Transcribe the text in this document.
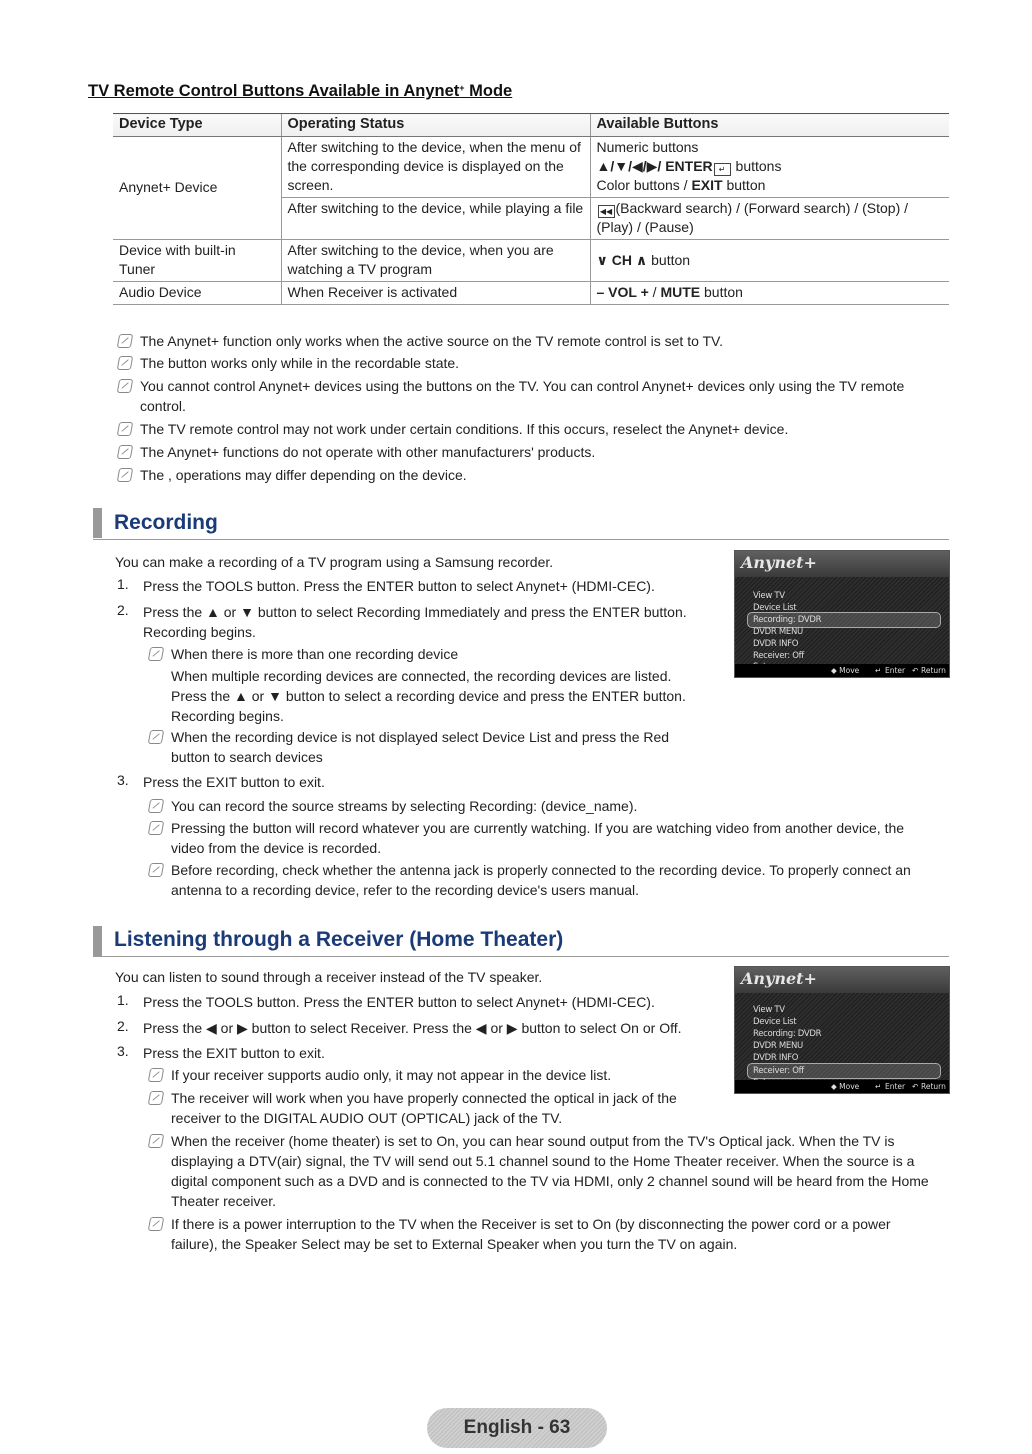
TV Remote Control Buttons Available in Anynet+ Mode
Device Type	Operating Status	Available Buttons
Anynet+ Device	After switching to the device, when the menu of the corresponding device is displayed on the screen.	Numeric buttons
▲/▼/◀/▶/ ENTER ↵ buttons
Color buttons / EXIT button
	After switching to the device, while playing a file	◀◀ (Backward search) / (Forward search) / (Stop) / (Play) / (Pause)
Device with built-in Tuner	After switching to the device, when you are watching a TV program	∨ CH ∧ button
Audio Device	When Receiver is activated	– VOL + / MUTE button
The Anynet+ function only works when the active source on the TV remote control is set to TV.
The button works only while in the recordable state.
You cannot control Anynet+ devices using the buttons on the TV. You can control Anynet+ devices only using the TV remote control.
The TV remote control may not work under certain conditions. If this occurs, reselect the Anynet+ device.
The Anynet+ functions do not operate with other manufacturers' products.
The , operations may differ depending on the device.
Recording
You can make a recording of a TV program using a Samsung recorder.
1. Press the TOOLS button. Press the ENTER button to select Anynet+ (HDMI-CEC).
2. Press the ▲ or ▼ button to select Recording Immediately and press the ENTER button. Recording begins.
When there is more than one recording device
When multiple recording devices are connected, the recording devices are listed. Press the ▲ or ▼ button to select a recording device and press the ENTER button. Recording begins.
When the recording device is not displayed select Device List and press the Red button to search devices
3. Press the EXIT button to exit.
You can record the source streams by selecting Recording: (device_name).
Pressing the button will record whatever you are currently watching. If you are watching video from another device, the video from the device is recorded.
Before recording, check whether the antenna jack is properly connected to the recording device. To properly connect an antenna to a recording device, refer to the recording device's users manual.
Anynet+
View TV
Device List
Recording: DVDR
DVDR MENU
DVDR INFO
Receiver: Off
◆ Move ↵ Enter ↶ Return
Listening through a Receiver (Home Theater)
You can listen to sound through a receiver instead of the TV speaker.
1. Press the TOOLS button. Press the ENTER button to select Anynet+ (HDMI-CEC).
2. Press the ◀ or ▶ button to select Receiver. Press the ◀ or ▶ button to select On or Off.
3. Press the EXIT button to exit.
If your receiver supports audio only, it may not appear in the device list.
The receiver will work when you have properly connected the optical in jack of the receiver to the DIGITAL AUDIO OUT (OPTICAL) jack of the TV.
When the receiver (home theater) is set to On, you can hear sound output from the TV's Optical jack. When the TV is displaying a DTV(air) signal, the TV will send out 5.1 channel sound to the Home Theater receiver. When the source is a digital component such as a DVD and is connected to the TV via HDMI, only 2 channel sound will be heard from the Home Theater receiver.
If there is a power interruption to the TV when the Receiver is set to On (by disconnecting the power cord or a power failure), the Speaker Select may be set to External Speaker when you turn the TV on again.
Anynet+
View TV
Device List
Recording: DVDR
DVDR MENU
DVDR INFO
Receiver: Off
◆ Move ↵ Enter ↶ Return
English - 63
